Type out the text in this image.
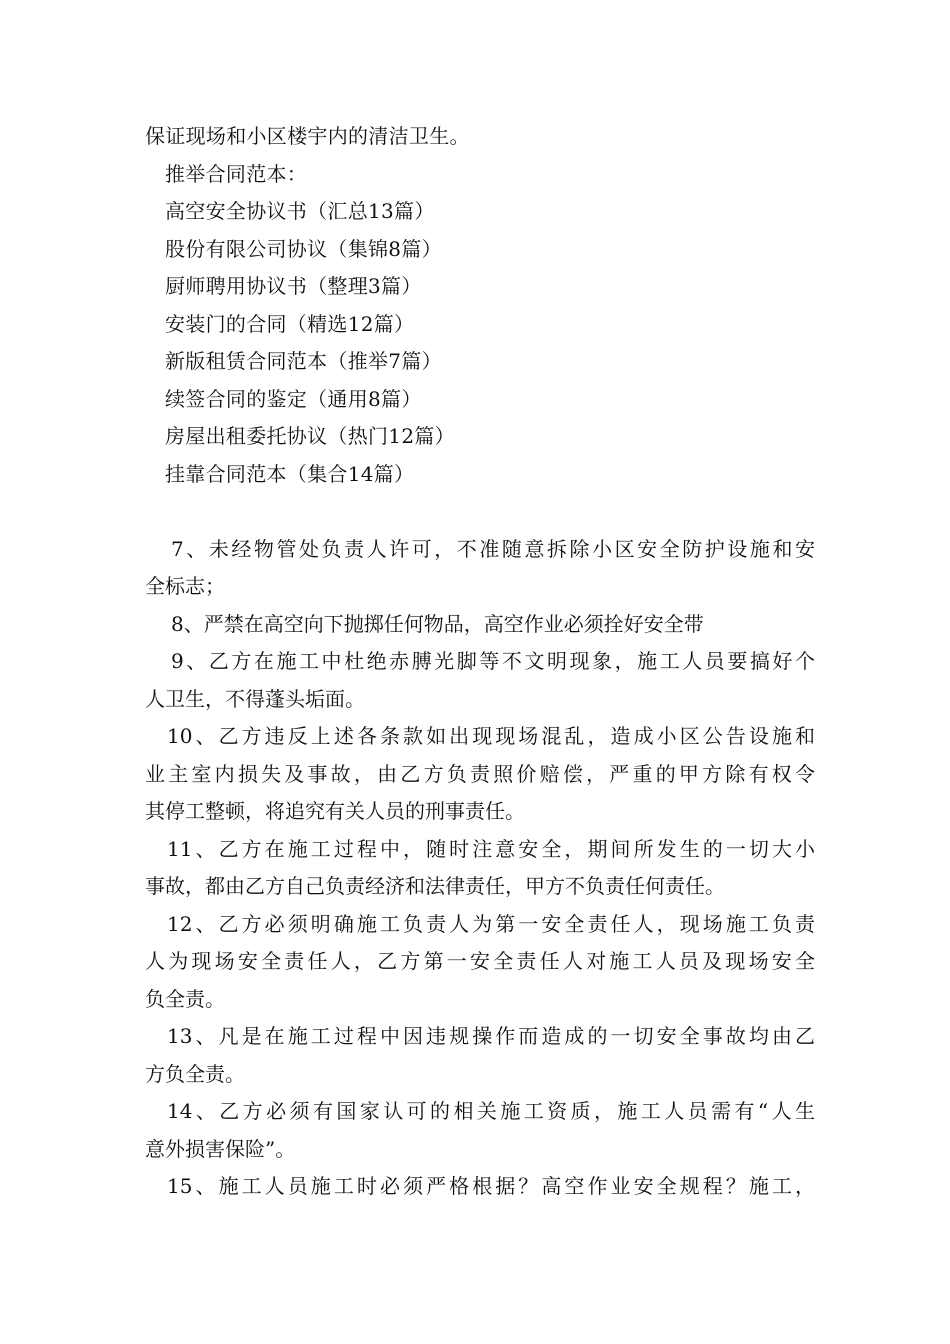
保证现场和小区楼宇内的清洁卫生。
推举合同范本：
高空安全协议书（汇总13篇）
股份有限公司协议（集锦8篇）
厨师聘用协议书（整理3篇）
安装门的合同（精选12篇）
新版租赁合同范本（推举7篇）
续签合同的鉴定（通用8篇）
房屋出租委托协议（热门12篇）
挂靠合同范本（集合14篇）
7、未经物管处负责人许可，不准随意拆除小区安全防护设施和安
全标志；
8、严禁在高空向下抛掷任何物品，高空作业必须拴好安全带
9、乙方在施工中杜绝赤膊光脚等不文明现象，施工人员要搞好个
人卫生，不得蓬头垢面。
10、乙方违反上述各条款如出现现场混乱，造成小区公告设施和
业主室内损失及事故，由乙方负责照价赔偿，严重的甲方除有权令
其停工整顿，将追究有关人员的刑事责任。
11、乙方在施工过程中，随时注意安全，期间所发生的一切大小
事故，都由乙方自己负责经济和法律责任，甲方不负责任何责任。
12、乙方必须明确施工负责人为第一安全责任人，现场施工负责
人为现场安全责任人，乙方第一安全责任人对施工人员及现场安全
负全责。
13、凡是在施工过程中因违规操作而造成的一切安全事故均由乙
方负全责。
14、乙方必须有国家认可的相关施工资质，施工人员需有“人生
意外损害保险”。
15、施工人员施工时必须严格根据？高空作业安全规程？施工，
